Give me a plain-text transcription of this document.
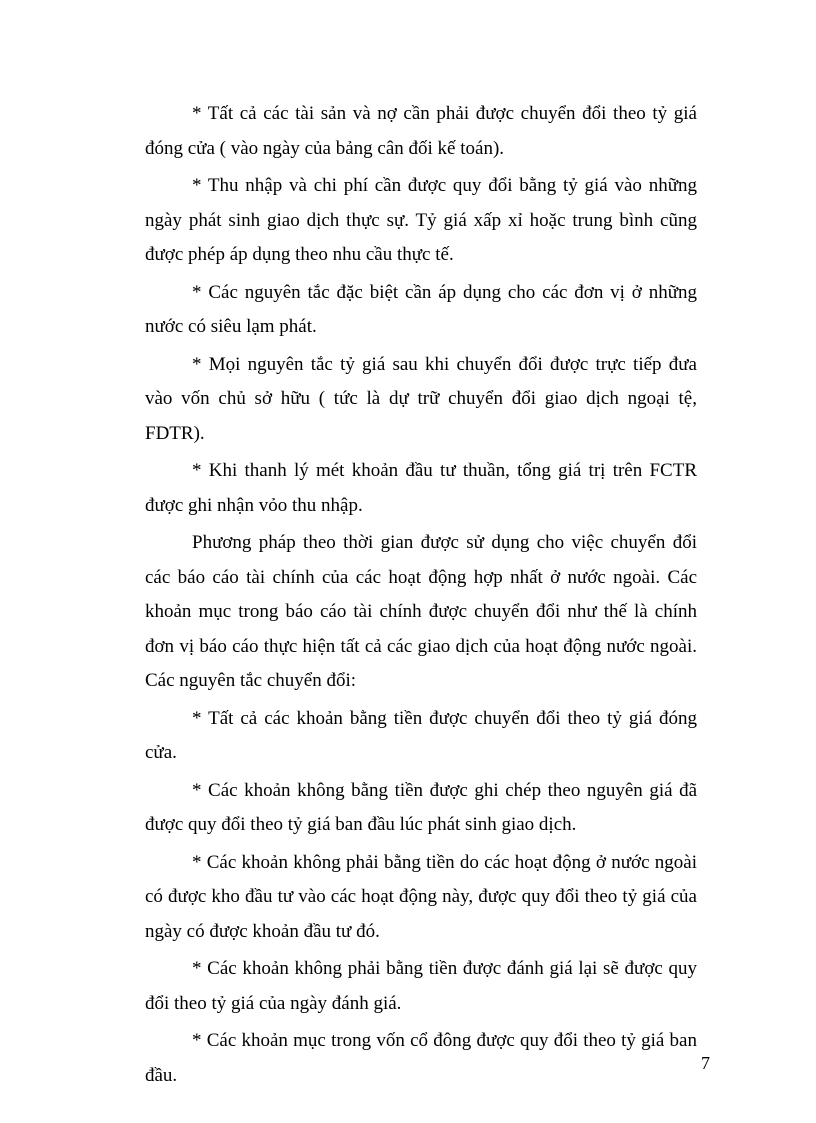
* Tất cả các tài sản và nợ cần phải được chuyển đổi theo tỷ giá đóng cửa ( vào ngày của bảng cân đối kế toán).

* Thu nhập và chi phí cần được quy đổi bằng tỷ giá vào những ngày phát sinh giao dịch thực sự. Tỷ giá xấp xỉ hoặc trung bình cũng được phép áp dụng theo nhu cầu thực tế.

* Các nguyên tắc đặc biệt cần áp dụng cho các đơn vị ở những nước có siêu lạm phát.

* Mọi nguyên tắc tỷ giá sau khi chuyển đổi được trực tiếp đưa vào vốn chủ sở hữu ( tức là dự trữ chuyển đổi giao dịch ngoại tệ, FDTR).

* Khi thanh lý mét khoản đầu tư thuần, tổng giá trị trên FCTR được ghi nhận vỏo thu nhập.

Phương pháp theo thời gian được sử dụng cho việc chuyển đổi các báo cáo tài chính của các hoạt động hợp nhất ở nước ngoài. Các khoản mục trong báo cáo tài chính được chuyển đổi như thế là chính đơn vị báo cáo thực hiện tất cả các giao dịch của hoạt động nước ngoài. Các nguyên tắc chuyển đổi:

* Tất cả các khoản bằng tiền được chuyển đổi theo tỷ giá đóng cửa.

* Các khoản không bằng tiền được ghi chép theo nguyên giá đã được quy đổi theo tỷ giá ban đầu lúc phát sinh giao dịch.

* Các khoản không phải bằng tiền do các hoạt động ở nước ngoài có được kho đầu tư vào các hoạt động này, được quy đổi theo tỷ giá của ngày có được khoản đầu tư đó.

* Các khoản không phải bằng tiền được đánh giá lại sẽ được quy đổi theo tỷ giá của ngày đánh giá.

* Các khoản mục trong vốn cổ đông được quy đổi theo tỷ giá ban đầu.

7
